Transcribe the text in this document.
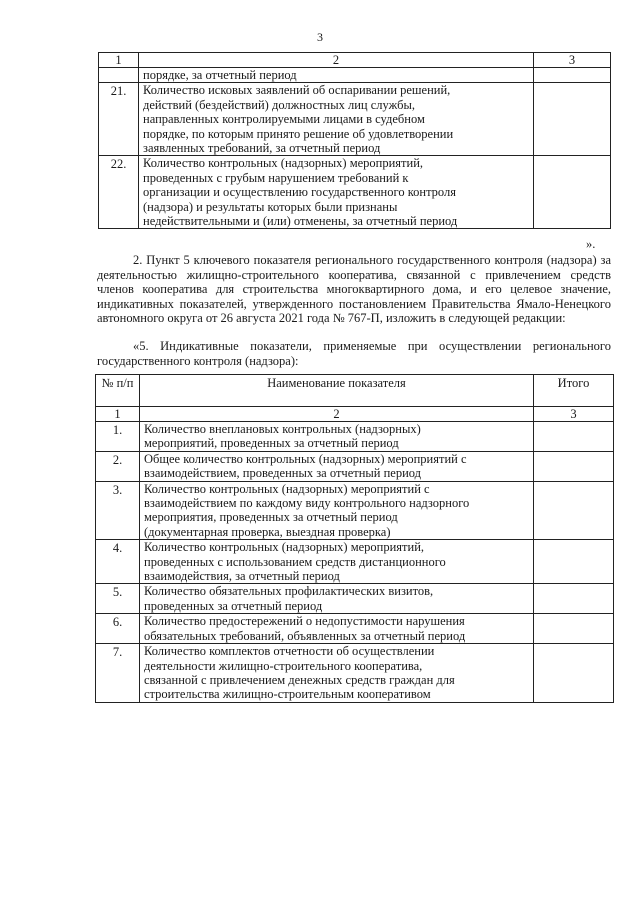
3
1	2	3
	порядке, за отчетный период	
21.	Количество исковых заявлений об оспаривании решений,
действий (бездействий) должностных лиц службы,
направленных контролируемыми лицами в судебном
порядке, по которым принято решение об удовлетворении
заявленных требований, за отчетный период	

22.	Количество контрольных (надзорных) мероприятий,
проведенных с грубым нарушением требований к
организации и осуществлению государственного контроля
(надзора) и результаты которых были признаны
недействительными и (или) отменены, за отчетный период	

».
2. Пункт 5 ключевого показателя регионального государственного контроля (надзора) за деятельностью жилищно-строительного кооператива, связанной с привлечением средств членов кооператива для строительства многоквартирного дома, и его целевое значение, индикативных показателей, утвержденного постановлением Правительства Ямало-Ненецкого автономного округа от 26 августа 2021 года № 767-П, изложить в следующей редакции:
«5. Индикативные показатели, применяемые при осуществлении регионального государственного контроля (надзора):
№ п/п	Наименование показателя	Итого
1	2	3
1.	Количество внеплановых контрольных (надзорных)
мероприятий, проведенных за отчетный период	

2.	Общее количество контрольных (надзорных) мероприятий с
взаимодействием, проведенных за отчетный период	

3.	Количество контрольных (надзорных) мероприятий с
взаимодействием по каждому виду контрольного надзорного
мероприятия, проведенных за отчетный период
(документарная проверка, выездная проверка)	

4.	Количество контрольных (надзорных) мероприятий,
проведенных с использованием средств дистанционного
взаимодействия, за отчетный период	

5.	Количество обязательных профилактических визитов,
проведенных за отчетный период	

6.	Количество предостережений о недопустимости нарушения
обязательных требований, объявленных за отчетный период	

7.	Количество комплектов отчетности об осуществлении
деятельности жилищно-строительного кооператива,
связанной с привлечением денежных средств граждан для
строительства жилищно-строительным кооперативом	
